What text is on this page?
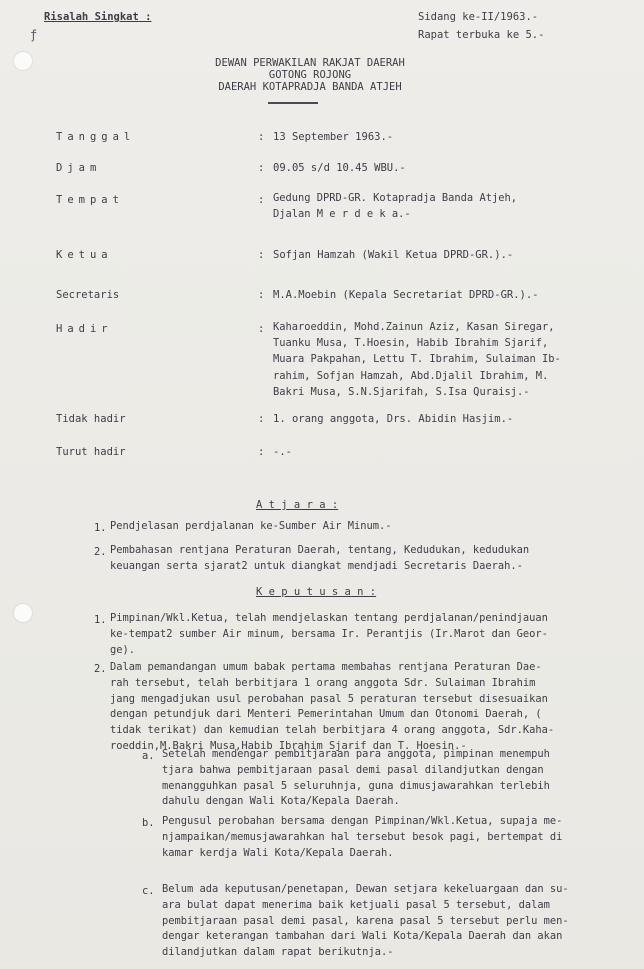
Risalah Singkat :	Sidang ke-II/1963.-
Rapat terbuka ke 5.-
ƒ
DEWAN PERWAKILAN RAKJAT DAERAH
GOTONG ROJONG
DAERAH KOTAPRADJA BANDA ATJEH
Tanggal	: 13 September 1963.-
Djam	: 09.05 s/d 10.45 WBU.-
Tempat	: Gedung DPRD-GR. Kotapradja Banda Atjeh,
Djalan M e r d e k a.-
Ketua	: Sofjan Hamzah (Wakil Ketua DPRD-GR.).-
Secretaris	: M.A.Moebin (Kepala Secretariat DPRD-GR.).-
Hadir	: Kaharoeddin, Mohd.Zainun Aziz, Kasan Siregar,
Tuanku Musa, T.Hoesin, Habib Ibrahim Sjarif,
Muara Pakpahan, Lettu T. Ibrahim, Sulaiman Ib-
rahim, Sofjan Hamzah, Abd.Djalil Ibrahim, M.
Bakri Musa, S.N.Sjarifah, S.Isa Quraisj.-
Tidak hadir	: 1. orang anggota, Drs. Abidin Hasjim.-
Turut hadir	: -.-
A t j a r a :
1. Pendjelasan perdjalanan ke-Sumber Air Minum.-
2. Pembahasan rentjana Peraturan Daerah, tentang, Kedudukan, kedudukan
keuangan serta sjarat2 untuk diangkat mendjadi Secretaris Daerah.-
K e p u t u s a n :
1. Pimpinan/Wkl.Ketua, telah mendjelaskan tentang perdjalanan/penindjauan
ke-tempat2 sumber Air minum, bersama Ir. Perantjis (Ir.Marot dan Geor-
ge).
2. Dalam pemandangan umum babak pertama membahas rentjana Peraturan Dae-
rah tersebut, telah berbitjara 1 orang anggota Sdr. Sulaiman Ibrahim
jang mengadjukan usul perobahan pasal 5 peraturan tersebut disesuaikan
dengan petundjuk dari Menteri Pemerintahan Umum dan Otonomi Daerah, (
tidak terikat) dan kemudian telah berbitjara 4 orang anggota, Sdr.Kaha-
roeddin,M.Bakri Musa,Habib Ibrahim Sjarif dan T. Hoesin.-
a. Setelah mendengar pembitjaraan para anggota, pimpinan menempuh
tjara bahwa pembitjaraan pasal demi pasal dilandjutkan dengan
menangguhkan pasal 5 seluruhnja, guna dimusjawarahkan terlebih
dahulu dengan Wali Kota/Kepala Daerah.
b. Pengusul perobahan bersama dengan Pimpinan/Wkl.Ketua, supaja me-
njampaikan/memusjawarahkan hal tersebut besok pagi, bertempat di
kamar kerdja Wali Kota/Kepala Daerah.
c. Belum ada keputusan/penetapan, Dewan setjara kekeluargaan dan su-
ara bulat dapat menerima baik ketjuali pasal 5 tersebut, dalam
pembitjaraan pasal demi pasal, karena pasal 5 tersebut perlu men-
dengar keterangan tambahan dari Wali Kota/Kepala Daerah dan akan
dilandjutkan dalam rapat berikutnja.-
